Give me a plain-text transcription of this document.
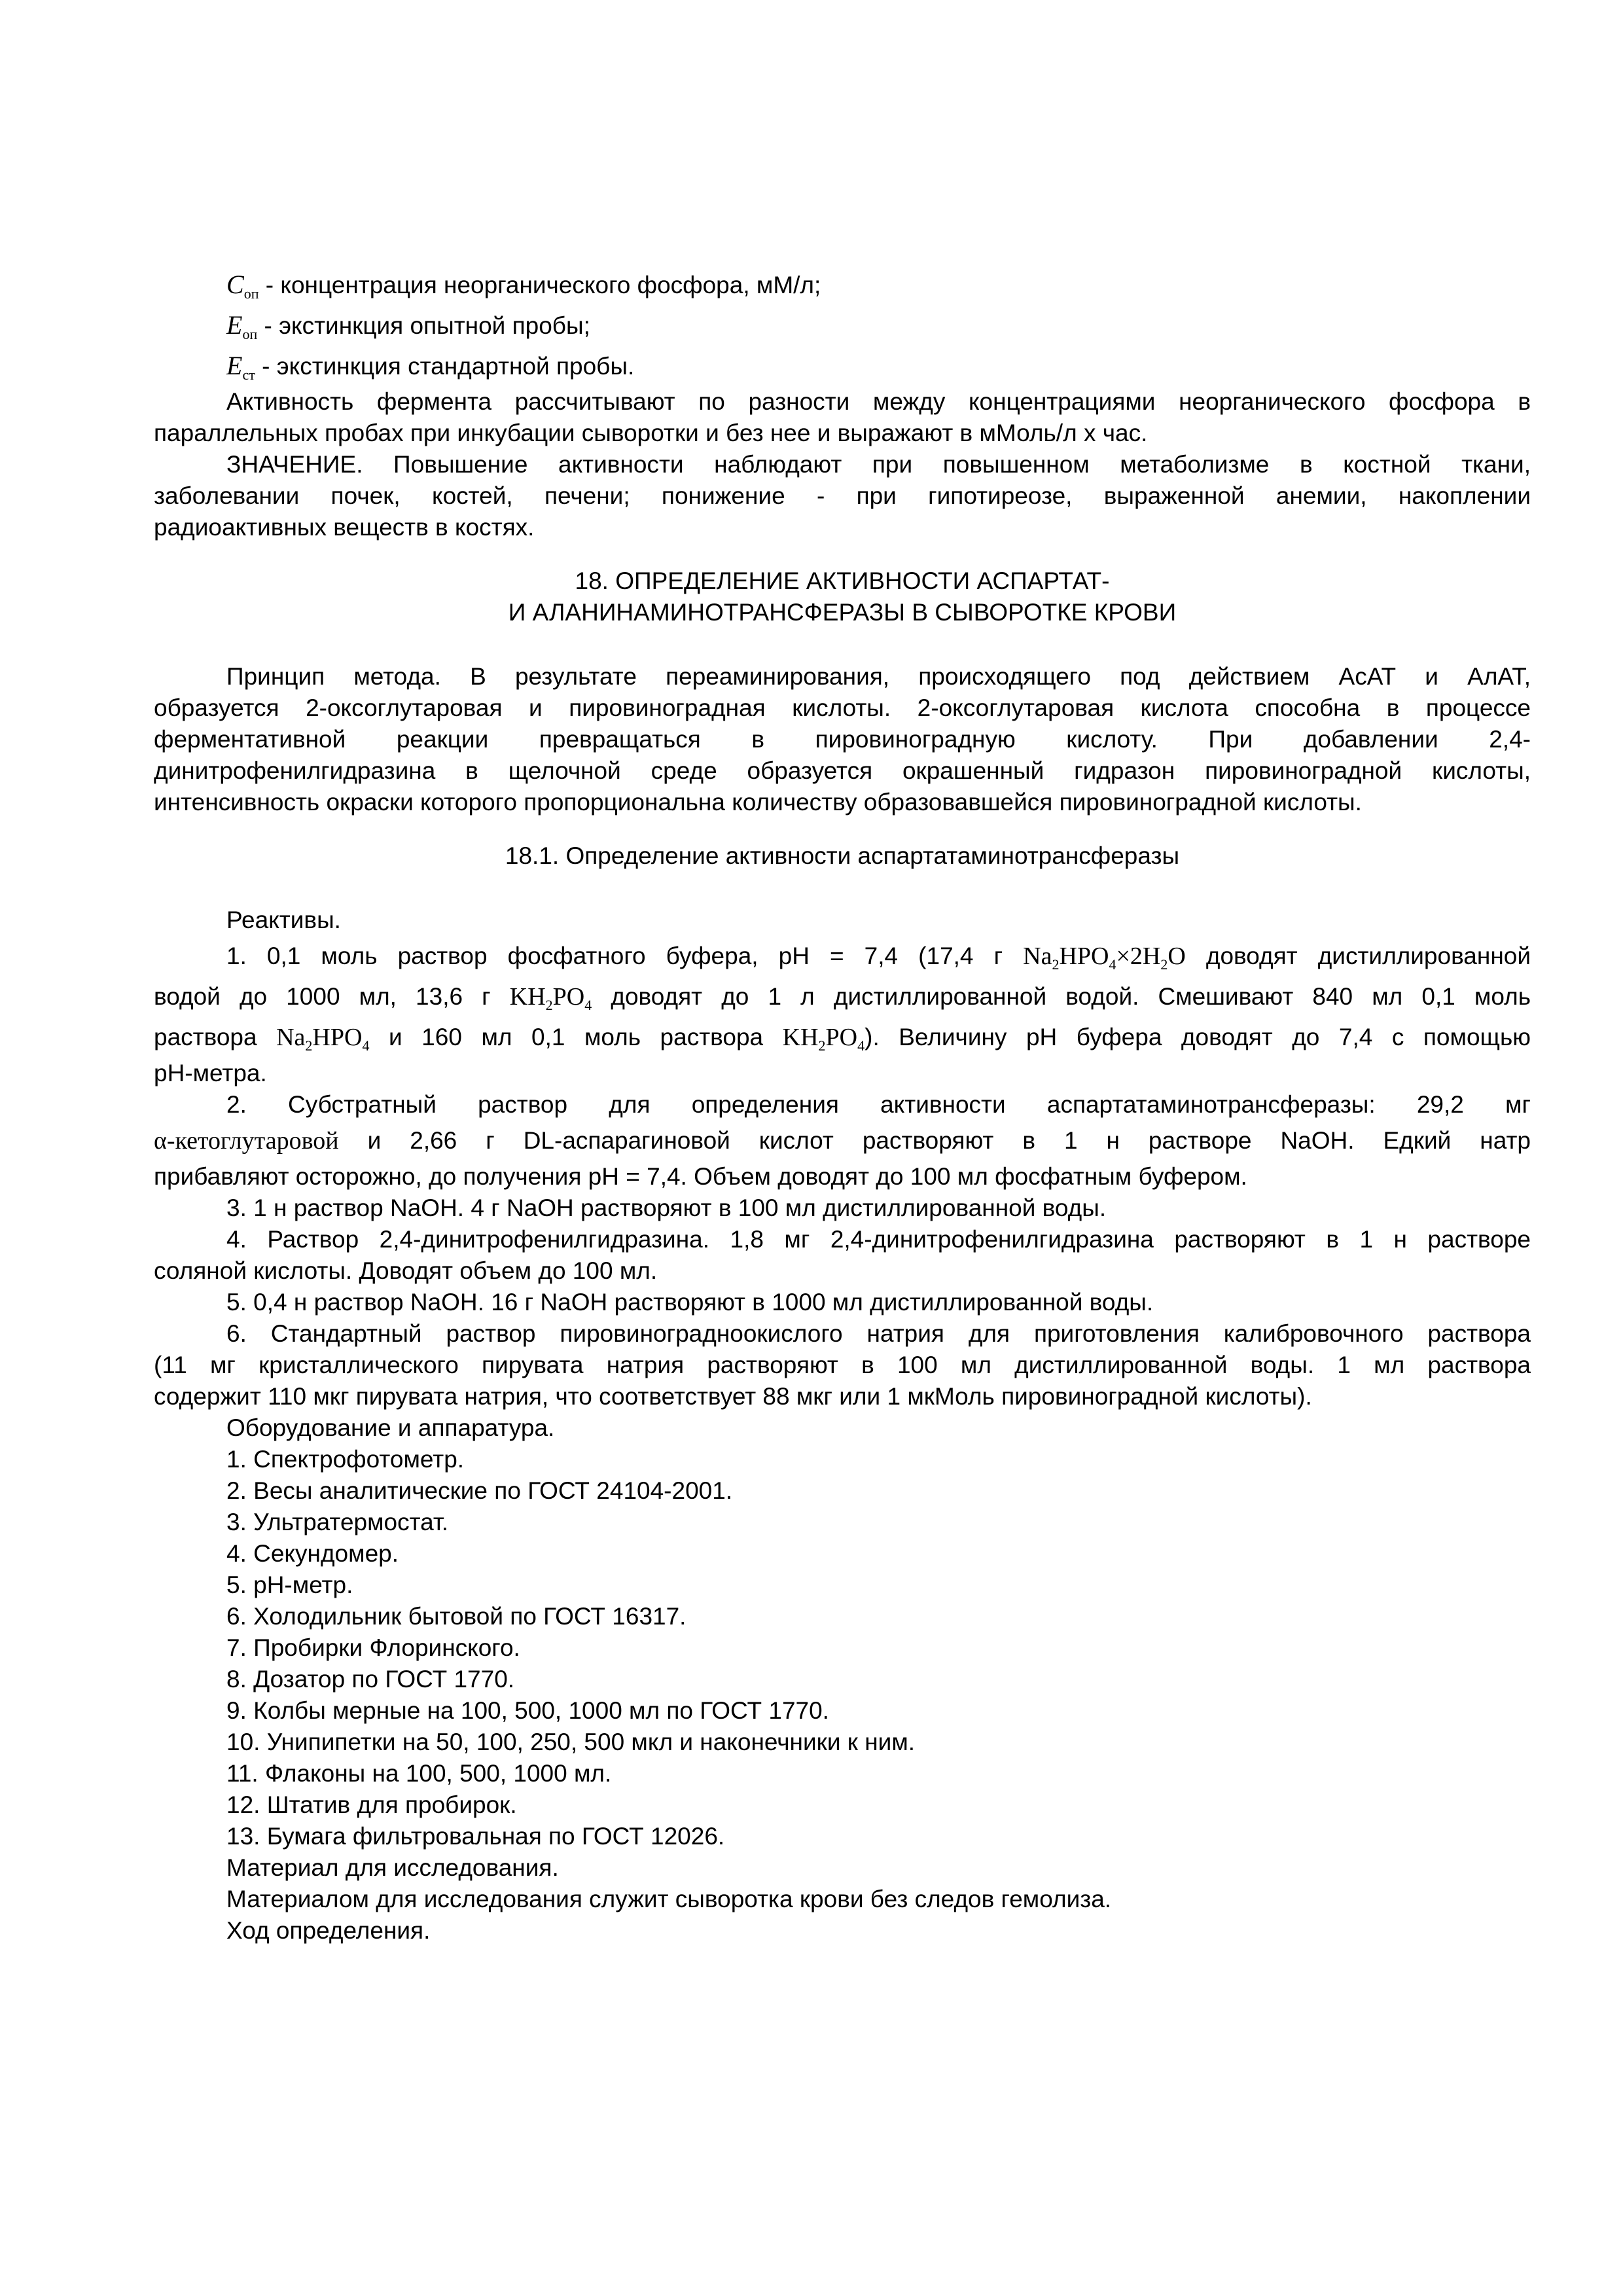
$C_{оп}$ - концентрация неорганического фосфора, мМ/л;
$E_{оп}$ - экстинкция опытной пробы;
$E_{ст}$ - экстинкция стандартной пробы.
Активность фермента рассчитывают по разности между концентрациями неорганического фосфора в
параллельных пробах при инкубации сыворотки и без нее и выражают в мМоль/л х час.
ЗНАЧЕНИЕ. Повышение активности наблюдают при повышенном метаболизме в костной ткани,
заболевании почек, костей, печени; понижение - при гипотиреозе, выраженной анемии, накоплении
радиоактивных веществ в костях.
18. ОПРЕДЕЛЕНИЕ АКТИВНОСТИ АСПАРТАТ-
И АЛАНИНАМИНОТРАНСФЕРАЗЫ В СЫВОРОТКЕ КРОВИ
Принцип метода. В результате переаминирования, происходящего под действием АсАТ и АлАТ,
образуется 2-оксоглутаровая и пировиноградная кислоты. 2-оксоглутаровая кислота способна в процессе
ферментативной реакции превращаться в пировиноградную кислоту. При добавлении 2,4-
динитрофенилгидразина в щелочной среде образуется окрашенный гидразон пировиноградной кислоты,
интенсивность окраски которого пропорциональна количеству образовавшейся пировиноградной кислоты.
18.1. Определение активности аспартатаминотрансферазы
Реактивы.
1. 0,1 моль раствор фосфатного буфера, рН = 7,4 (17,4 г $Na_2HPO_4\times 2H_2O$ доводят дистиллированной
водой до 1000 мл, 13,6 г $KH_2PO_4$ доводят до 1 л дистиллированной водой. Смешивают 840 мл 0,1 моль
раствора $Na_2HPO_4$ и 160 мл 0,1 моль раствора $KH_2PO_4$). Величину рН буфера доводят до 7,4 с помощью
рН-метра.
2. Субстратный раствор для определения активности аспартатаминотрансферазы: 29,2 мг
α-кетоглутаровой и 2,66 г DL-аспарагиновой кислот растворяют в 1 н растворе NaOH. Едкий натр
прибавляют осторожно, до получения рН = 7,4. Объем доводят до 100 мл фосфатным буфером.
3. 1 н раствор NaOH. 4 г NaOH растворяют в 100 мл дистиллированной воды.
4. Раствор 2,4-динитрофенилгидразина. 1,8 мг 2,4-динитрофенилгидразина растворяют в 1 н растворе
соляной кислоты. Доводят объем до 100 мл.
5. 0,4 н раствор NaOH. 16 г NaOH растворяют в 1000 мл дистиллированной воды.
6. Стандартный раствор пировиноградноокислого натрия для приготовления калибровочного раствора
(11 мг кристаллического пирувата натрия растворяют в 100 мл дистиллированной воды. 1 мл раствора
содержит 110 мкг пирувата натрия, что соответствует 88 мкг или 1 мкМоль пировиноградной кислоты).
Оборудование и аппаратура.
1. Спектрофотометр.
2. Весы аналитические по ГОСТ 24104-2001.
3. Ультратермостат.
4. Секундомер.
5. рН-метр.
6. Холодильник бытовой по ГОСТ 16317.
7. Пробирки Флоринского.
8. Дозатор по ГОСТ 1770.
9. Колбы мерные на 100, 500, 1000 мл по ГОСТ 1770.
10. Унипипетки на 50, 100, 250, 500 мкл и наконечники к ним.
11. Флаконы на 100, 500, 1000 мл.
12. Штатив для пробирок.
13. Бумага фильтровальная по ГОСТ 12026.
Материал для исследования.
Материалом для исследования служит сыворотка крови без следов гемолиза.
Ход определения.
